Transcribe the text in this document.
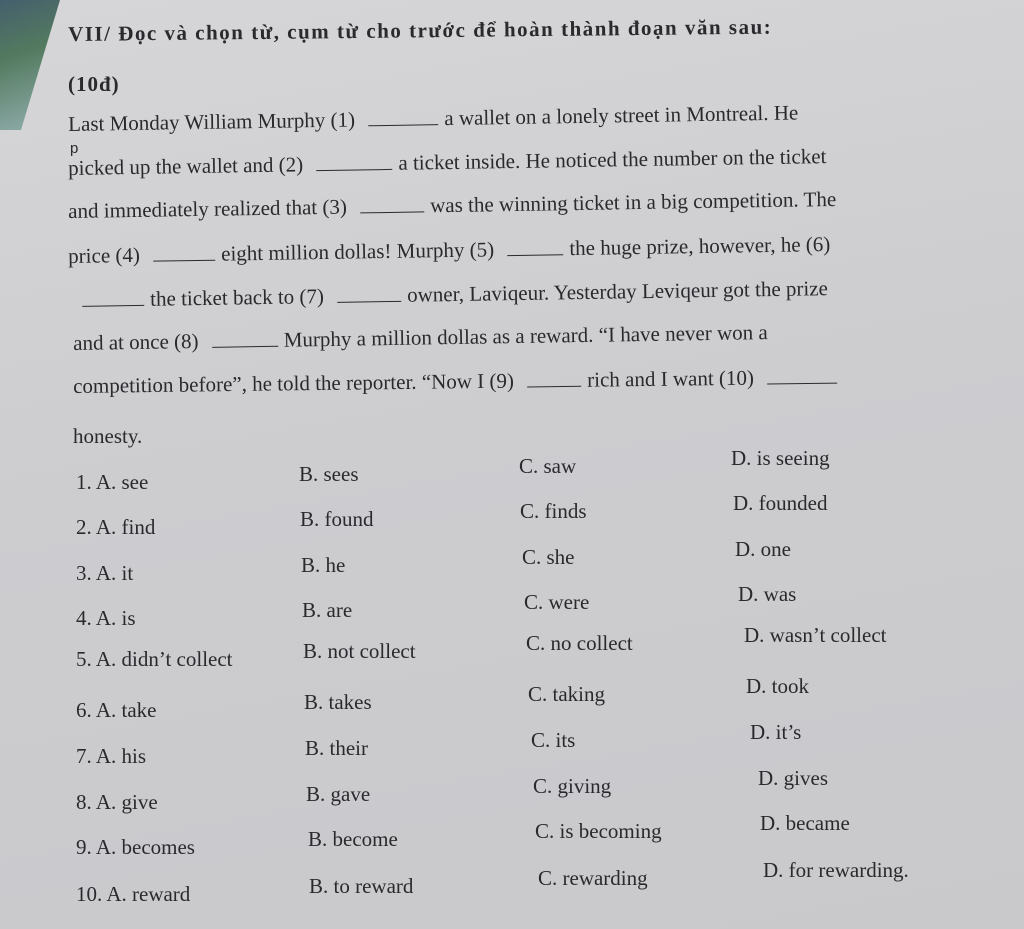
VII/ Đọc và chọn từ, cụm từ cho trước để hoàn thành đoạn văn sau:
(10đ)
p
Last Monday William Murphy (1)	a wallet on a lonely street in Montreal. He
picked up the wallet and (2)	a ticket inside. He noticed the number on the ticket
and immediately realized that (3)	was the winning ticket in a big competition. The
price (4)	eight million dollas! Murphy (5)	the huge prize, however, he (6)
the ticket back to (7)	owner, Laviqeur. Yesterday Leviqeur got the prize
and at once (8)	Murphy a million dollas as a reward. “I have never won a
competition before”, he told the reporter. “Now I (9)	rich and I want (10)
honesty.
1. A. see	B. sees	C. saw	D. is seeing
2. A. find	B. found	C. finds	D. founded
3. A. it	B. he	C. she	D. one
4. A. is	B. are	C. were	D. was
5. A. didn’t collect	B. not collect	C. no collect	D. wasn’t collect
6. A. take	B. takes	C. taking	D. took
7. A. his	B. their	C. its	D. it’s
8. A. give	B. gave	C. giving	D. gives
9. A. becomes	B. become	C. is becoming	D. became
10. A. reward	B. to reward	C. rewarding	D. for rewarding.
